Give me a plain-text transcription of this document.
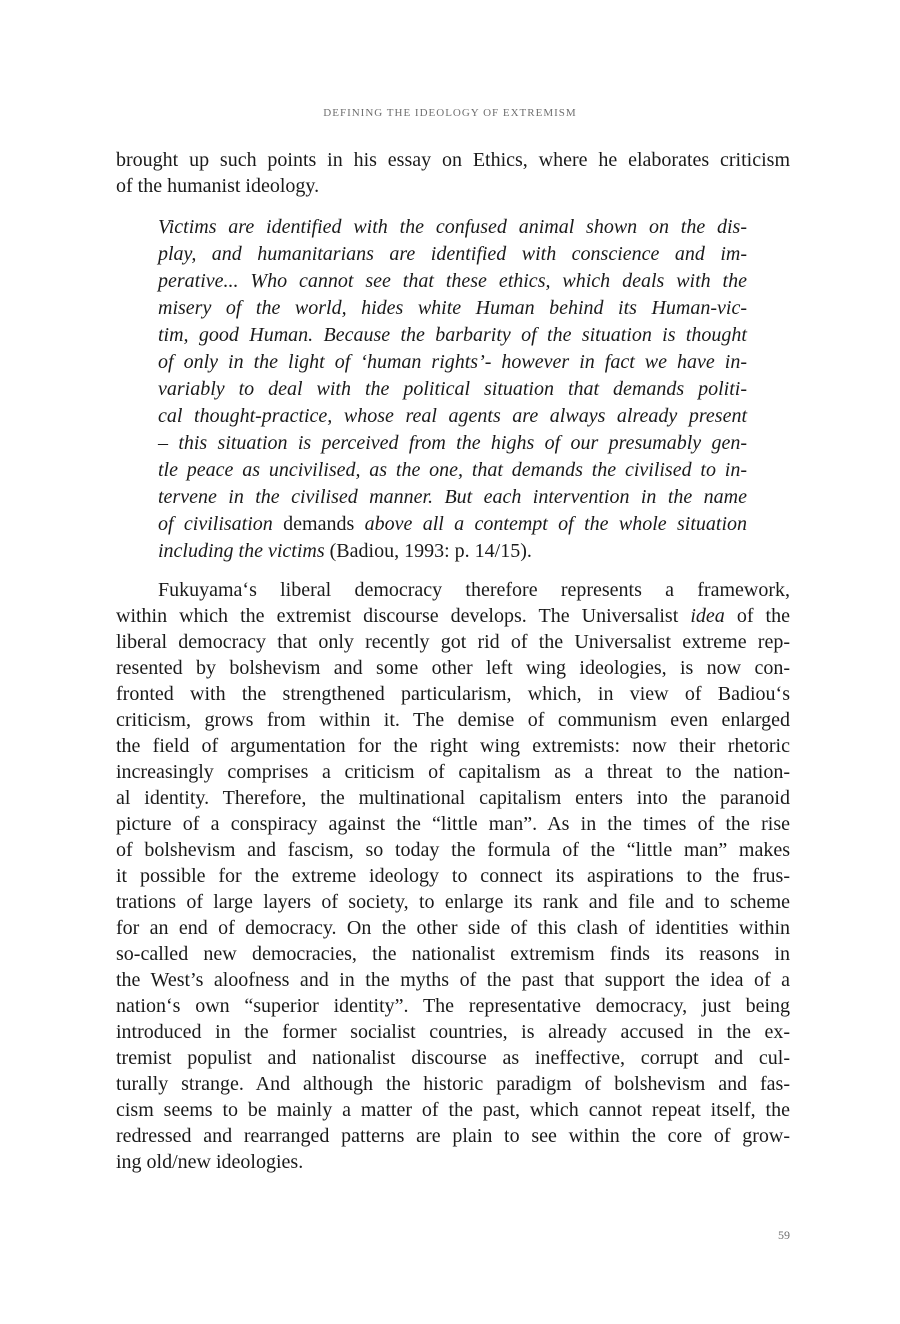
DEFINING THE IDEOLOGY OF EXTREMISM
brought up such points in his essay on Ethics, where he elaborates criticism
of the humanist ideology.
Victims are identified with the confused animal shown on the dis-
play, and humanitarians are identified with conscience and im-
perative... Who cannot see that these ethics, which deals with the
misery of the world, hides white Human behind its Human-vic-
tim, good Human. Because the barbarity of the situation is thought
of only in the light of ‘human rights’- however in fact we have in-
variably to deal with the political situation that demands politi-
cal thought-practice, whose real agents are always already present
– this situation is perceived from the highs of our presumably gen-
tle peace as uncivilised, as the one, that demands the civilised to in-
tervene in the civilised manner. But each intervention in the name
of civilisation demands above all a contempt of the whole situation
including the victims (Badiou, 1993: p. 14/15).
Fukuyama‘s liberal democracy therefore represents a framework,
within which the extremist discourse develops. The Universalist idea of the
liberal democracy that only recently got rid of the Universalist extreme rep-
resented by bolshevism and some other left wing ideologies, is now con-
fronted with the strengthened particularism, which, in view of Badiou‘s
criticism, grows from within it. The demise of communism even enlarged
the field of argumentation for the right wing extremists: now their rhetoric
increasingly comprises a criticism of capitalism as a threat to the nation-
al identity. Therefore, the multinational capitalism enters into the paranoid
picture of a conspiracy against the “little man”. As in the times of the rise
of bolshevism and fascism, so today the formula of the “little man” makes
it possible for the extreme ideology to connect its aspirations to the frus-
trations of large layers of society, to enlarge its rank and file and to scheme
for an end of democracy. On the other side of this clash of identities within
so-called new democracies, the nationalist extremism finds its reasons in
the West’s aloofness and in the myths of the past that support the idea of a
nation‘s own “superior identity”. The representative democracy, just being
introduced in the former socialist countries, is already accused in the ex-
tremist populist and nationalist discourse as ineffective, corrupt and cul-
turally strange. And although the historic paradigm of bolshevism and fas-
cism seems to be mainly a matter of the past, which cannot repeat itself, the
redressed and rearranged patterns are plain to see within the core of grow-
ing old/new ideologies.
59
